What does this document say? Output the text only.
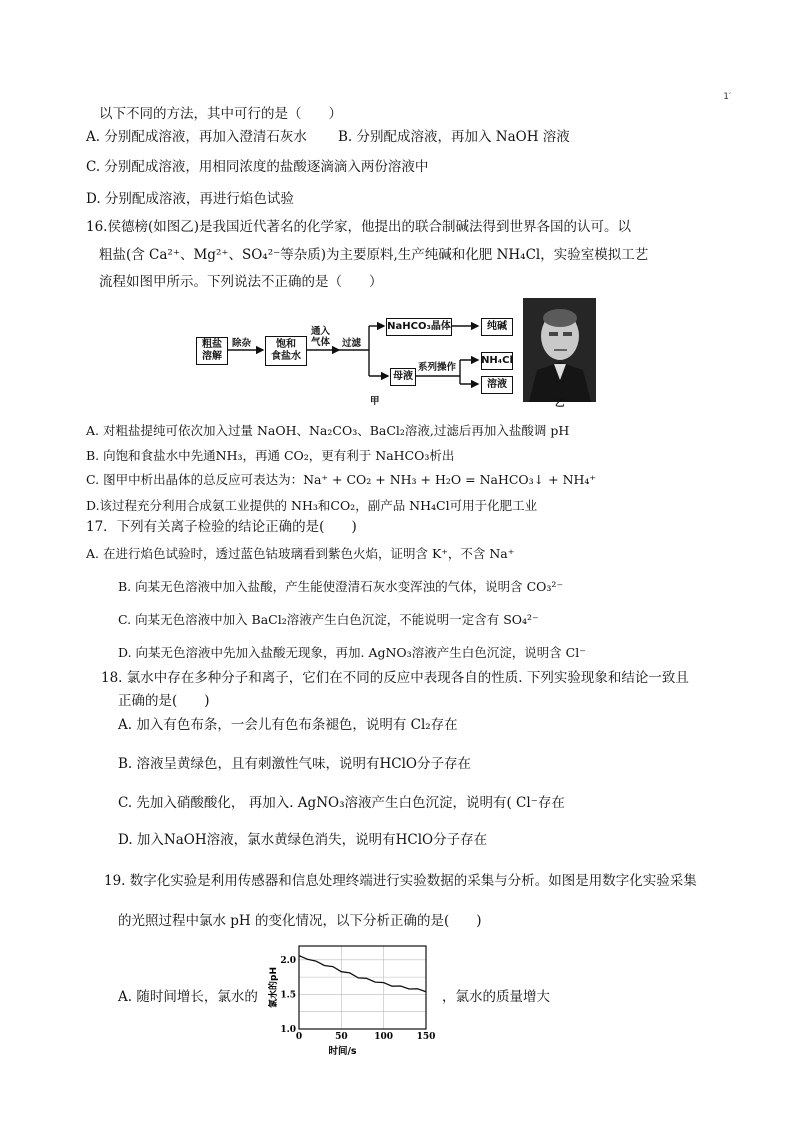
1′
以下不同的方法，其中可行的是（　　）
A. 分别配成溶液，再加入澄清石灰水 B. 分别配成溶液，再加入 NaOH 溶液
C. 分别配成溶液，用相同浓度的盐酸逐滴滴入两份溶液中
D. 分别配成溶液，再进行焰色试验
16.侯德榜(如图乙)是我国近代著名的化学家，他提出的联合制碱法得到世界各国的认可。以
粗盐(含 Ca²⁺、Mg²⁺、SO₄²⁻等杂质)为主要原料,生产纯碱和化肥 NH₄Cl，实验室模拟工艺
流程如图甲所示。下列说法不正确的是（　　）
粗盐
溶解
除杂	饱和
食盐水
通入
气体 过滤
NaHCO₃晶体	纯碱
母液
系列操作
NH₄Cl
溶液
甲	乙
A. 对粗盐提纯可依次加入过量 NaOH、Na₂CO₃、BaCl₂溶液,过滤后再加入盐酸调 pH
B. 向饱和食盐水中先通NH₃，再通 CO₂，更有利于 NaHCO₃析出
C. 图甲中析出晶体的总反应可表达为：Na⁺ + CO₂ + NH₃ + H₂O = NaHCO₃↓ + NH₄⁺
D.该过程充分利用合成氨工业提供的 NH₃和CO₂，副产品 NH₄Cl可用于化肥工业
17．下列有关离子检验的结论正确的是(　　)
A. 在进行焰色试验时，透过蓝色钴玻璃看到紫色火焰，证明含 K⁺，不含 Na⁺
B. 向某无色溶液中加入盐酸，产生能使澄清石灰水变浑浊的气体，说明含 CO₃²⁻
C. 向某无色溶液中加入 BaCl₂溶液产生白色沉淀，不能说明一定含有 SO₄²⁻
D. 向某无色溶液中先加入盐酸无现象，再加. AgNO₃溶液产生白色沉淀，说明含 Cl⁻
18. 氯水中存在多种分子和离子，它们在不同的反应中表现各自的性质. 下列实验现象和结论一致且
正确的是(　　)
A. 加入有色布条，一会儿有色布条褪色，说明有 Cl₂存在
B. 溶液呈黄绿色，且有刺激性气味，说明有HClO分子存在
C. 先加入硝酸酸化， 再加入. AgNO₃溶液产生白色沉淀，说明有( Cl⁻存在
D. 加入NaOH溶液，氯水黄绿色消失，说明有HClO分子存在
19. 数字化实验是利用传感器和信息处理终端进行实验数据的采集与分析。如图是用数字化实验采集
的光照过程中氯水 pH 的变化情况，以下分析正确的是(　　)
A. 随时间增长，氯水的	，氯水的质量增大
0	50	100	150
1.0
1.5
2.0
时间/s
氯水的pH
